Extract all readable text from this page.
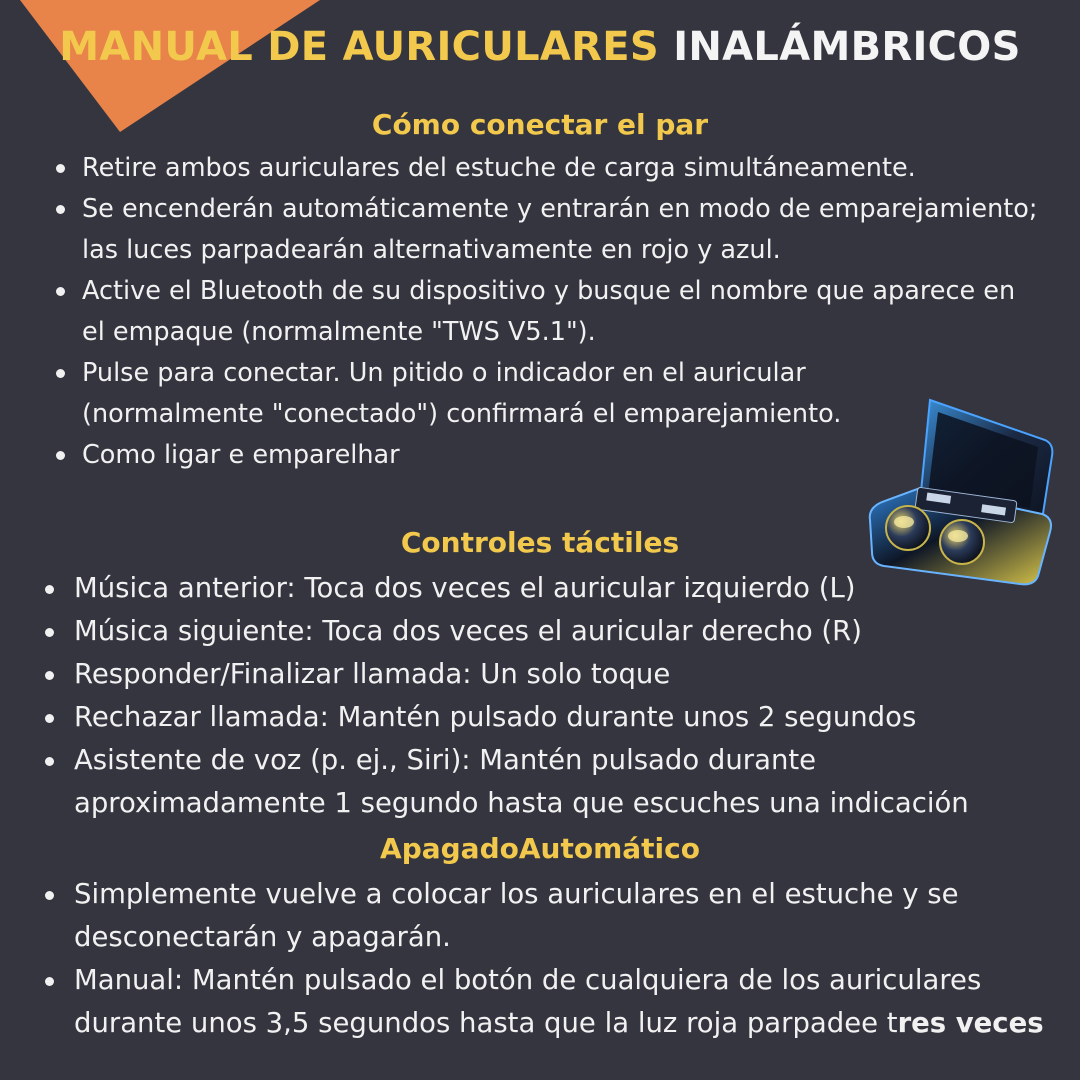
MANUAL DE AURICULARES INALÁMBRICOS
Cómo conectar el par
Retire ambos auriculares del estuche de carga simultáneamente.
Se encenderán automáticamente y entrarán en modo de emparejamiento; las luces parpadearán alternativamente en rojo y azul.
Active el Bluetooth de su dispositivo y busque el nombre que aparece en el empaque (normalmente "TWS V5.1").
Pulse para conectar. Un pitido o indicador en el auricular (normalmente "conectado") confirmará el emparejamiento.
Como ligar e emparelhar
Controles táctiles
Música anterior: Toca dos veces el auricular izquierdo (L)
Música siguiente: Toca dos veces el auricular derecho (R)
Responder/Finalizar llamada: Un solo toque
Rechazar llamada: Mantén pulsado durante unos 2 segundos
Asistente de voz (p. ej., Siri): Mantén pulsado durante aproximadamente 1 segundo hasta que escuches una indicación
ApagadoAutomático
Simplemente vuelve a colocar los auriculares en el estuche y se desconectarán y apagarán.
Manual: Mantén pulsado el botón de cualquiera de los auriculares durante unos 3,5 segundos hasta que la luz roja parpadee tres veces
